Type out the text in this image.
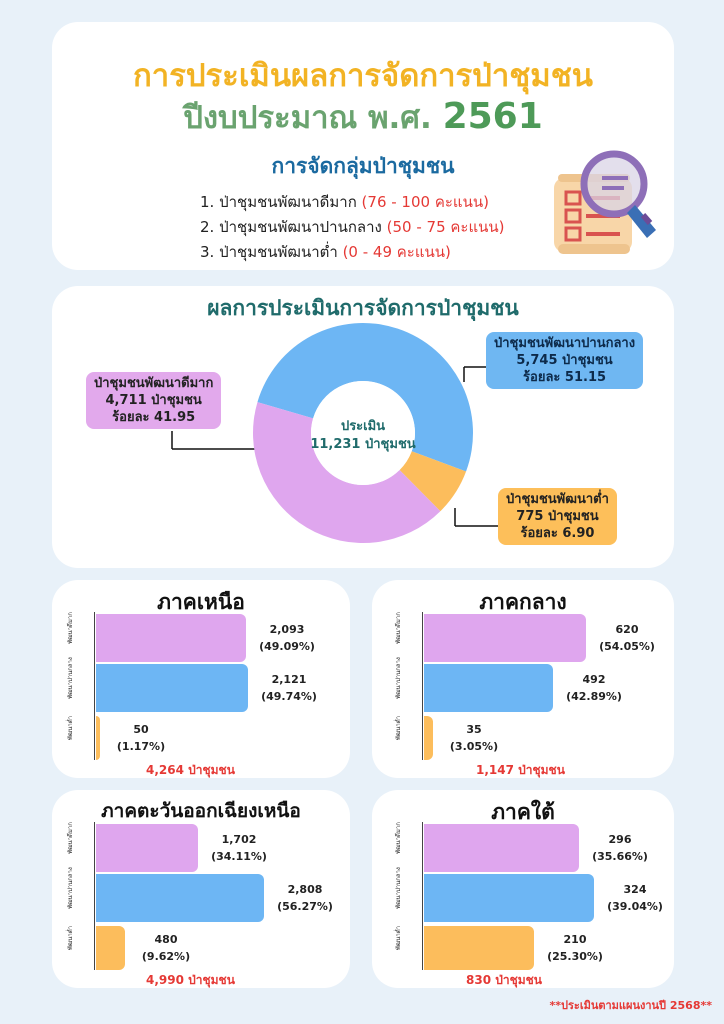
การประเมินผลการจัดการป่าชุมชน
ปีงบประมาณ พ.ศ. 2561
การจัดกลุ่มป่าชุมชน
1. ป่าชุมชนพัฒนาดีมาก (76 - 100 คะแนน)
2. ป่าชุมชนพัฒนาปานกลาง (50 - 75 คะแนน)
3. ป่าชุมชนพัฒนาต่ำ (0 - 49 คะแนน)
ผลการประเมินการจัดการป่าชุมชน
ประเมิน
11,231 ป่าชุมชน
ป่าชุมชนพัฒนาดีมาก
4,711 ป่าชุมชน
ร้อยละ 41.95
ป่าชุมชนพัฒนาปานกลาง
5,745 ป่าชุมชน
ร้อยละ 51.15
ป่าชุมชนพัฒนาต่ำ
775 ป่าชุมชน
ร้อยละ 6.90
ภาคเหนือ
พัฒนาดีมาก	2,093
(49.09%)
พัฒนาปานกลาง	2,121
(49.74%)
พัฒนาต่ำ	50
(1.17%)
4,264 ป่าชุมชน
ภาคกลาง
พัฒนาดีมาก	620
(54.05%)
พัฒนาปานกลาง	492
(42.89%)
พัฒนาต่ำ	35
(3.05%)
1,147 ป่าชุมชน
ภาคตะวันออกเฉียงเหนือ
พัฒนาดีมาก	1,702
(34.11%)
พัฒนาปานกลาง	2,808
(56.27%)
พัฒนาต่ำ	480
(9.62%)
4,990 ป่าชุมชน
ภาคใต้
พัฒนาดีมาก	296
(35.66%)
พัฒนาปานกลาง	324
(39.04%)
พัฒนาต่ำ	210
(25.30%)
830 ป่าชุมชน
**ประเมินตามแผนงานปี 2568**
